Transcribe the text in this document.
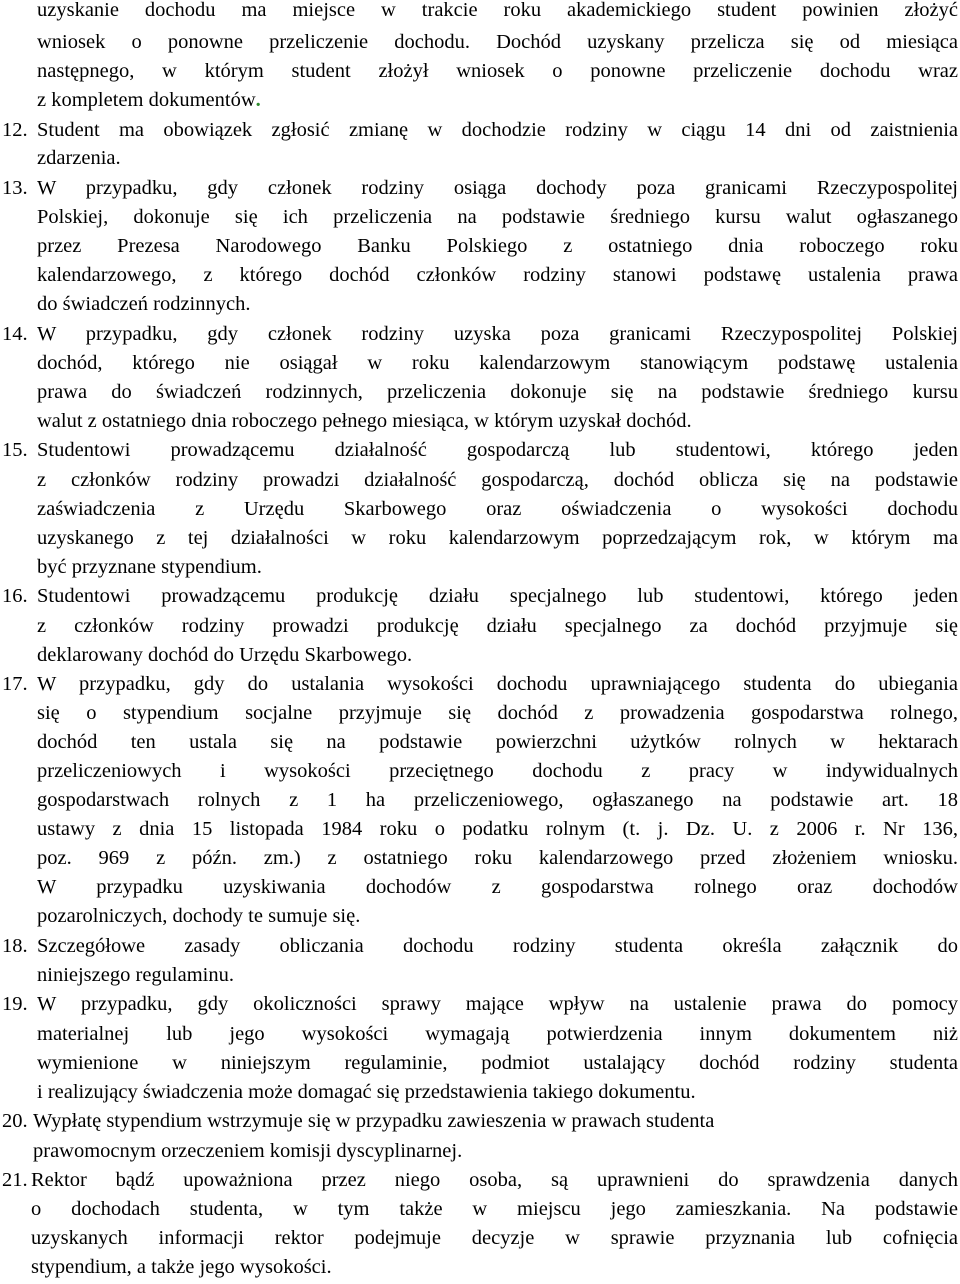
uzyskanie dochodu ma miejsce w trakcie roku akademickiego student powinien złożyć

wniosek o ponowne przeliczenie dochodu. Dochód uzyskany przelicza się od miesiąca

następnego, w którym student złożył wniosek o ponowne przeliczenie dochodu wraz

z kompletem dokumentów.

12. Student ma obowiązek zgłosić zmianę w dochodzie rodziny w ciągu 14 dni od zaistnienia

zdarzenia.

13. W przypadku, gdy członek rodziny osiąga dochody poza granicami Rzeczypospolitej

Polskiej, dokonuje się ich przeliczenia na podstawie średniego kursu walut ogłaszanego

przez Prezesa Narodowego Banku Polskiego z ostatniego dnia roboczego roku

kalendarzowego, z którego dochód członków rodziny stanowi podstawę ustalenia prawa

do świadczeń rodzinnych.

14. W przypadku, gdy członek rodziny uzyska poza granicami Rzeczypospolitej Polskiej

dochód, którego nie osiągał w roku kalendarzowym stanowiącym podstawę ustalenia

prawa do świadczeń rodzinnych, przeliczenia dokonuje się na podstawie średniego kursu

walut z ostatniego dnia roboczego pełnego miesiąca, w którym uzyskał dochód.

15. Studentowi prowadzącemu działalność gospodarczą lub studentowi, którego jeden

z członków rodziny prowadzi działalność gospodarczą, dochód oblicza się na podstawie

zaświadczenia z Urzędu Skarbowego oraz oświadczenia o wysokości dochodu

uzyskanego z tej działalności w roku kalendarzowym poprzedzającym rok, w którym ma

być przyznane stypendium.

16. Studentowi prowadzącemu produkcję działu specjalnego lub studentowi, którego jeden

z członków rodziny prowadzi produkcję działu specjalnego za dochód przyjmuje się

deklarowany dochód do Urzędu Skarbowego.

17. W przypadku, gdy do ustalania wysokości dochodu uprawniającego studenta do ubiegania

się o stypendium socjalne przyjmuje się dochód z prowadzenia gospodarstwa rolnego,

dochód ten ustala się na podstawie powierzchni użytków rolnych w hektarach

przeliczeniowych i wysokości przeciętnego dochodu z pracy w indywidualnych

gospodarstwach rolnych z 1 ha przeliczeniowego, ogłaszanego na podstawie art. 18

ustawy z dnia 15 listopada 1984 roku o podatku rolnym (t. j. Dz. U. z 2006 r. Nr 136,

poz. 969 z późn. zm.) z ostatniego roku kalendarzowego przed złożeniem wniosku.

W przypadku uzyskiwania dochodów z gospodarstwa rolnego oraz dochodów

pozarolniczych, dochody te sumuje się.

18. Szczegółowe zasady obliczania dochodu rodziny studenta określa załącznik do

niniejszego regulaminu.

19. W przypadku, gdy okoliczności sprawy mające wpływ na ustalenie prawa do pomocy

materialnej lub jego wysokości wymagają potwierdzenia innym dokumentem niż

wymienione w niniejszym regulaminie, podmiot ustalający dochód rodziny studenta

i realizujący świadczenia może domagać się przedstawienia takiego dokumentu.

20. Wypłatę stypendium wstrzymuje się w przypadku zawieszenia w prawach studenta

prawomocnym orzeczeniem komisji dyscyplinarnej.

21. Rektor bądź upoważniona przez niego osoba, są uprawnieni do sprawdzenia danych

o dochodach studenta, w tym także w miejscu jego zamieszkania. Na podstawie

uzyskanych informacji rektor podejmuje decyzje w sprawie przyznania lub cofnięcia

stypendium, a także jego wysokości.
